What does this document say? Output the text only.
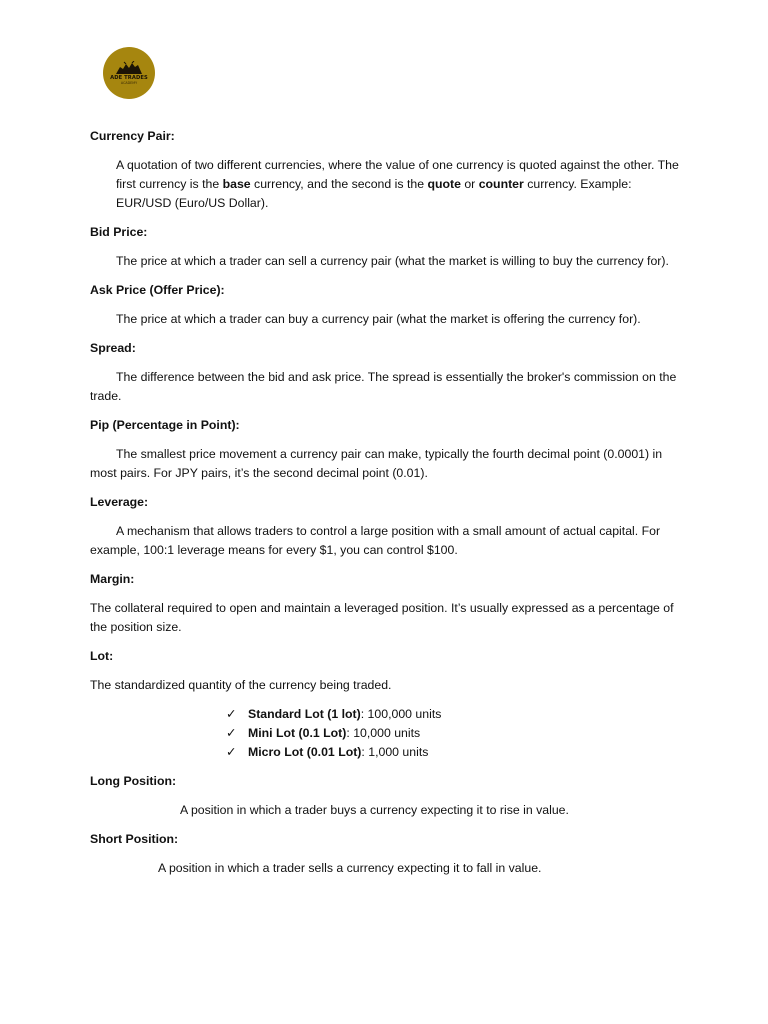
ADE TRADES
ACADEMY

Currency Pair:

A quotation of two different currencies, where the value of one currency is quoted against the other. The first currency is the base currency, and the second is the quote or counter currency. Example: EUR/USD (Euro/US Dollar).

Bid Price:

The price at which a trader can sell a currency pair (what the market is willing to buy the currency for).

Ask Price (Offer Price):

The price at which a trader can buy a currency pair (what the market is offering the currency for).

Spread:

The difference between the bid and ask price. The spread is essentially the broker's commission on the trade.

Pip (Percentage in Point):

The smallest price movement a currency pair can make, typically the fourth decimal point (0.0001) in most pairs. For JPY pairs, it’s the second decimal point (0.01).

Leverage:

A mechanism that allows traders to control a large position with a small amount of actual capital. For example, 100:1 leverage means for every $1, you can control $100.

Margin:

The collateral required to open and maintain a leveraged position. It’s usually expressed as a percentage of the position size.

Lot:

The standardized quantity of the currency being traded.

✓ Standard Lot (1 lot): 100,000 units
✓ Mini Lot (0.1 Lot): 10,000 units
✓ Micro Lot (0.01 Lot): 1,000 units

Long Position:

A position in which a trader buys a currency expecting it to rise in value.

Short Position:

A position in which a trader sells a currency expecting it to fall in value.
